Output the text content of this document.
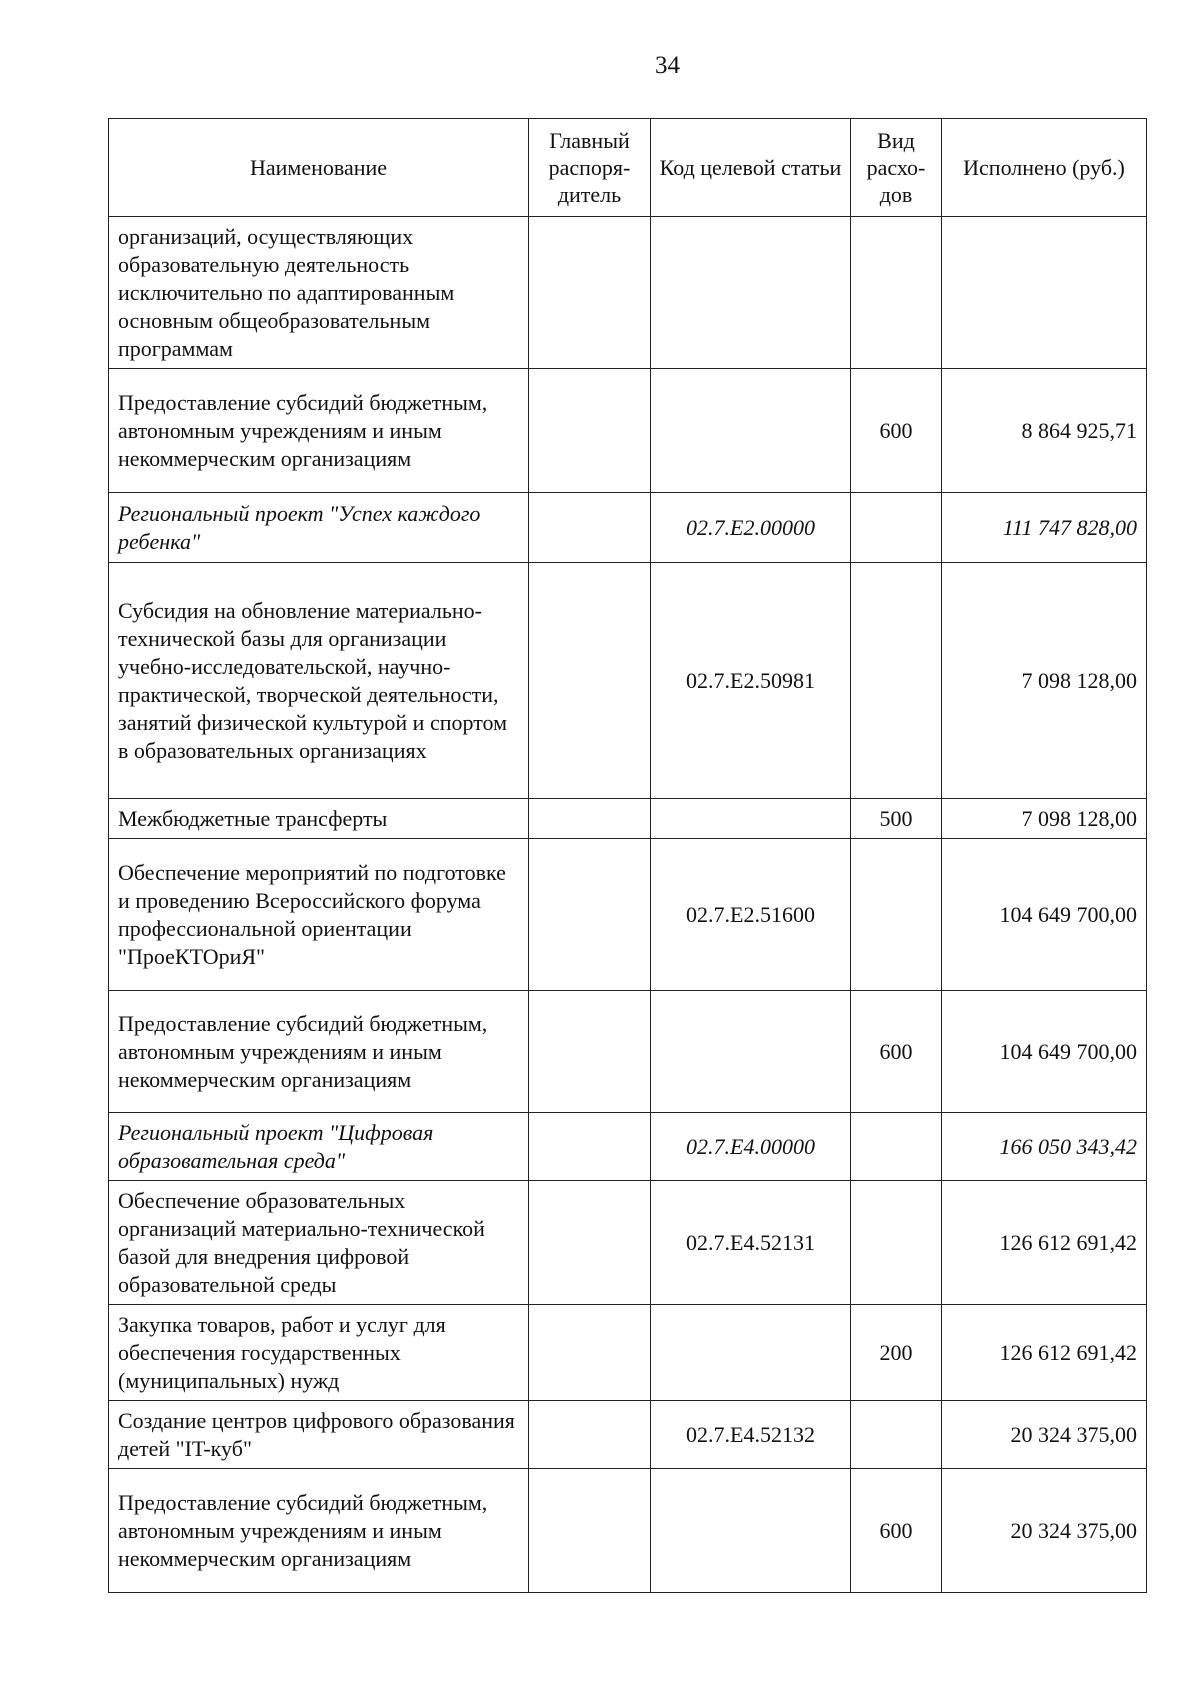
34
Наименование	Главный распоря- дитель	Код целевой статьи	Вид расхо- дов	Исполнено (руб.)
организаций, осуществляющих образовательную деятельность исключительно по адаптированным основным общеобразовательным программам				
Предоставление субсидий бюджетным, автономным учреждениям и иным некоммерческим организациям			600	8 864 925,71
Региональный проект "Успех каждого ребенка"		02.7.E2.00000		111 747 828,00
Субсидия на обновление материально-технической базы для организации учебно-исследовательской, научно-практической, творческой деятельности, занятий физической культурой и спортом в образовательных организациях		02.7.E2.50981		7 098 128,00
Межбюджетные трансферты			500	7 098 128,00
Обеспечение мероприятий по подготовке и проведению Всероссийского форума профессиональной ориентации "ПроеКТОриЯ"		02.7.E2.51600		104 649 700,00
Предоставление субсидий бюджетным, автономным учреждениям и иным некоммерческим организациям			600	104 649 700,00
Региональный проект "Цифровая образовательная среда"		02.7.E4.00000		166 050 343,42
Обеспечение образовательных организаций материально-технической базой для внедрения цифровой образовательной среды		02.7.E4.52131		126 612 691,42
Закупка товаров, работ и услуг для обеспечения государственных (муниципальных) нужд			200	126 612 691,42
Создание центров цифрового образования детей "IT-куб"		02.7.E4.52132		20 324 375,00
Предоставление субсидий бюджетным, автономным учреждениям и иным некоммерческим организациям			600	20 324 375,00
